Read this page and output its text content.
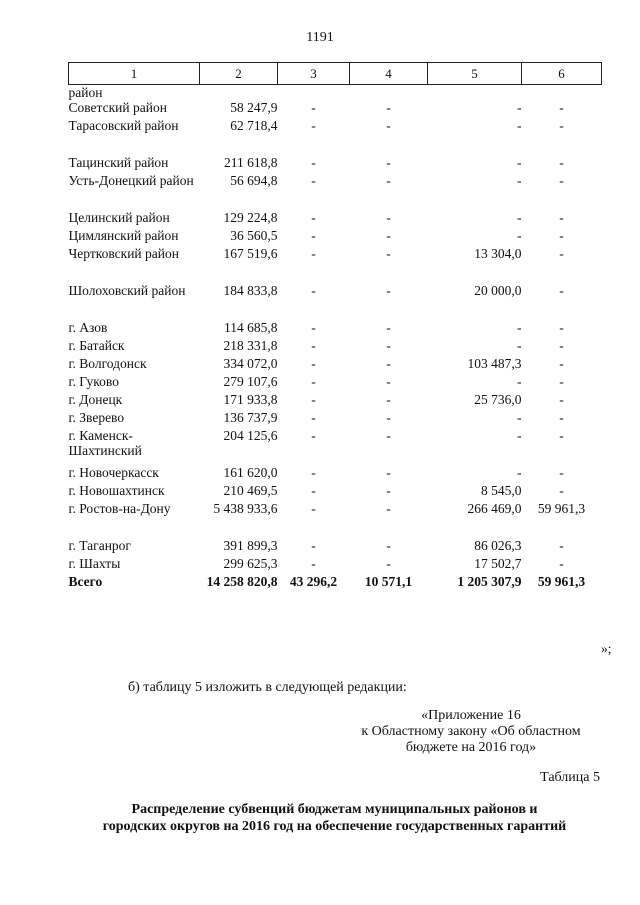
1191
1	2	3	4	5	6
район					
Советский район	58 247,9	-	-	-	-
Тарасовский район	62 718,4	-	-	-	-
Тацинский район	211 618,8	-	-	-	-
Усть-Донецкий район	56 694,8	-	-	-	-
Целинский район	129 224,8	-	-	-	-
Цимлянский район	36 560,5	-	-	-	-
Чертковский район	167 519,6	-	-	13 304,0	-
Шолоховский район	184 833,8	-	-	20 000,0	-
г. Азов	114 685,8	-	-	-	-
г. Батайск	218 331,8	-	-	-	-
г. Волгодонск	334 072,0	-	-	103 487,3	-
г. Гуково	279 107,6	-	-	-	-
г. Донецк	171 933,8	-	-	25 736,0	-
г. Зверево	136 737,9	-	-	-	-
г. Каменск-Шахтинский	204 125,6	-	-	-	-
г. Новочеркасск	161 620,0	-	-	-	-
г. Новошахтинск	210 469,5	-	-	8 545,0	-
г. Ростов-на-Дону	5 438 933,6	-	-	266 469,0	59 961,3
г. Таганрог	391 899,3	-	-	86 026,3	-
г. Шахты	299 625,3	-	-	17 502,7	-
Всего	14 258 820,8	43 296,2	10 571,1	1 205 307,9	59 961,3
»;
б) таблицу 5 изложить в следующей редакции:
«Приложение 16
к Областному закону «Об областном
бюджете на 2016 год»
Таблица 5
Распределение субвенций бюджетам муниципальных районов и
городских округов на 2016 год на обеспечение государственных гарантий
